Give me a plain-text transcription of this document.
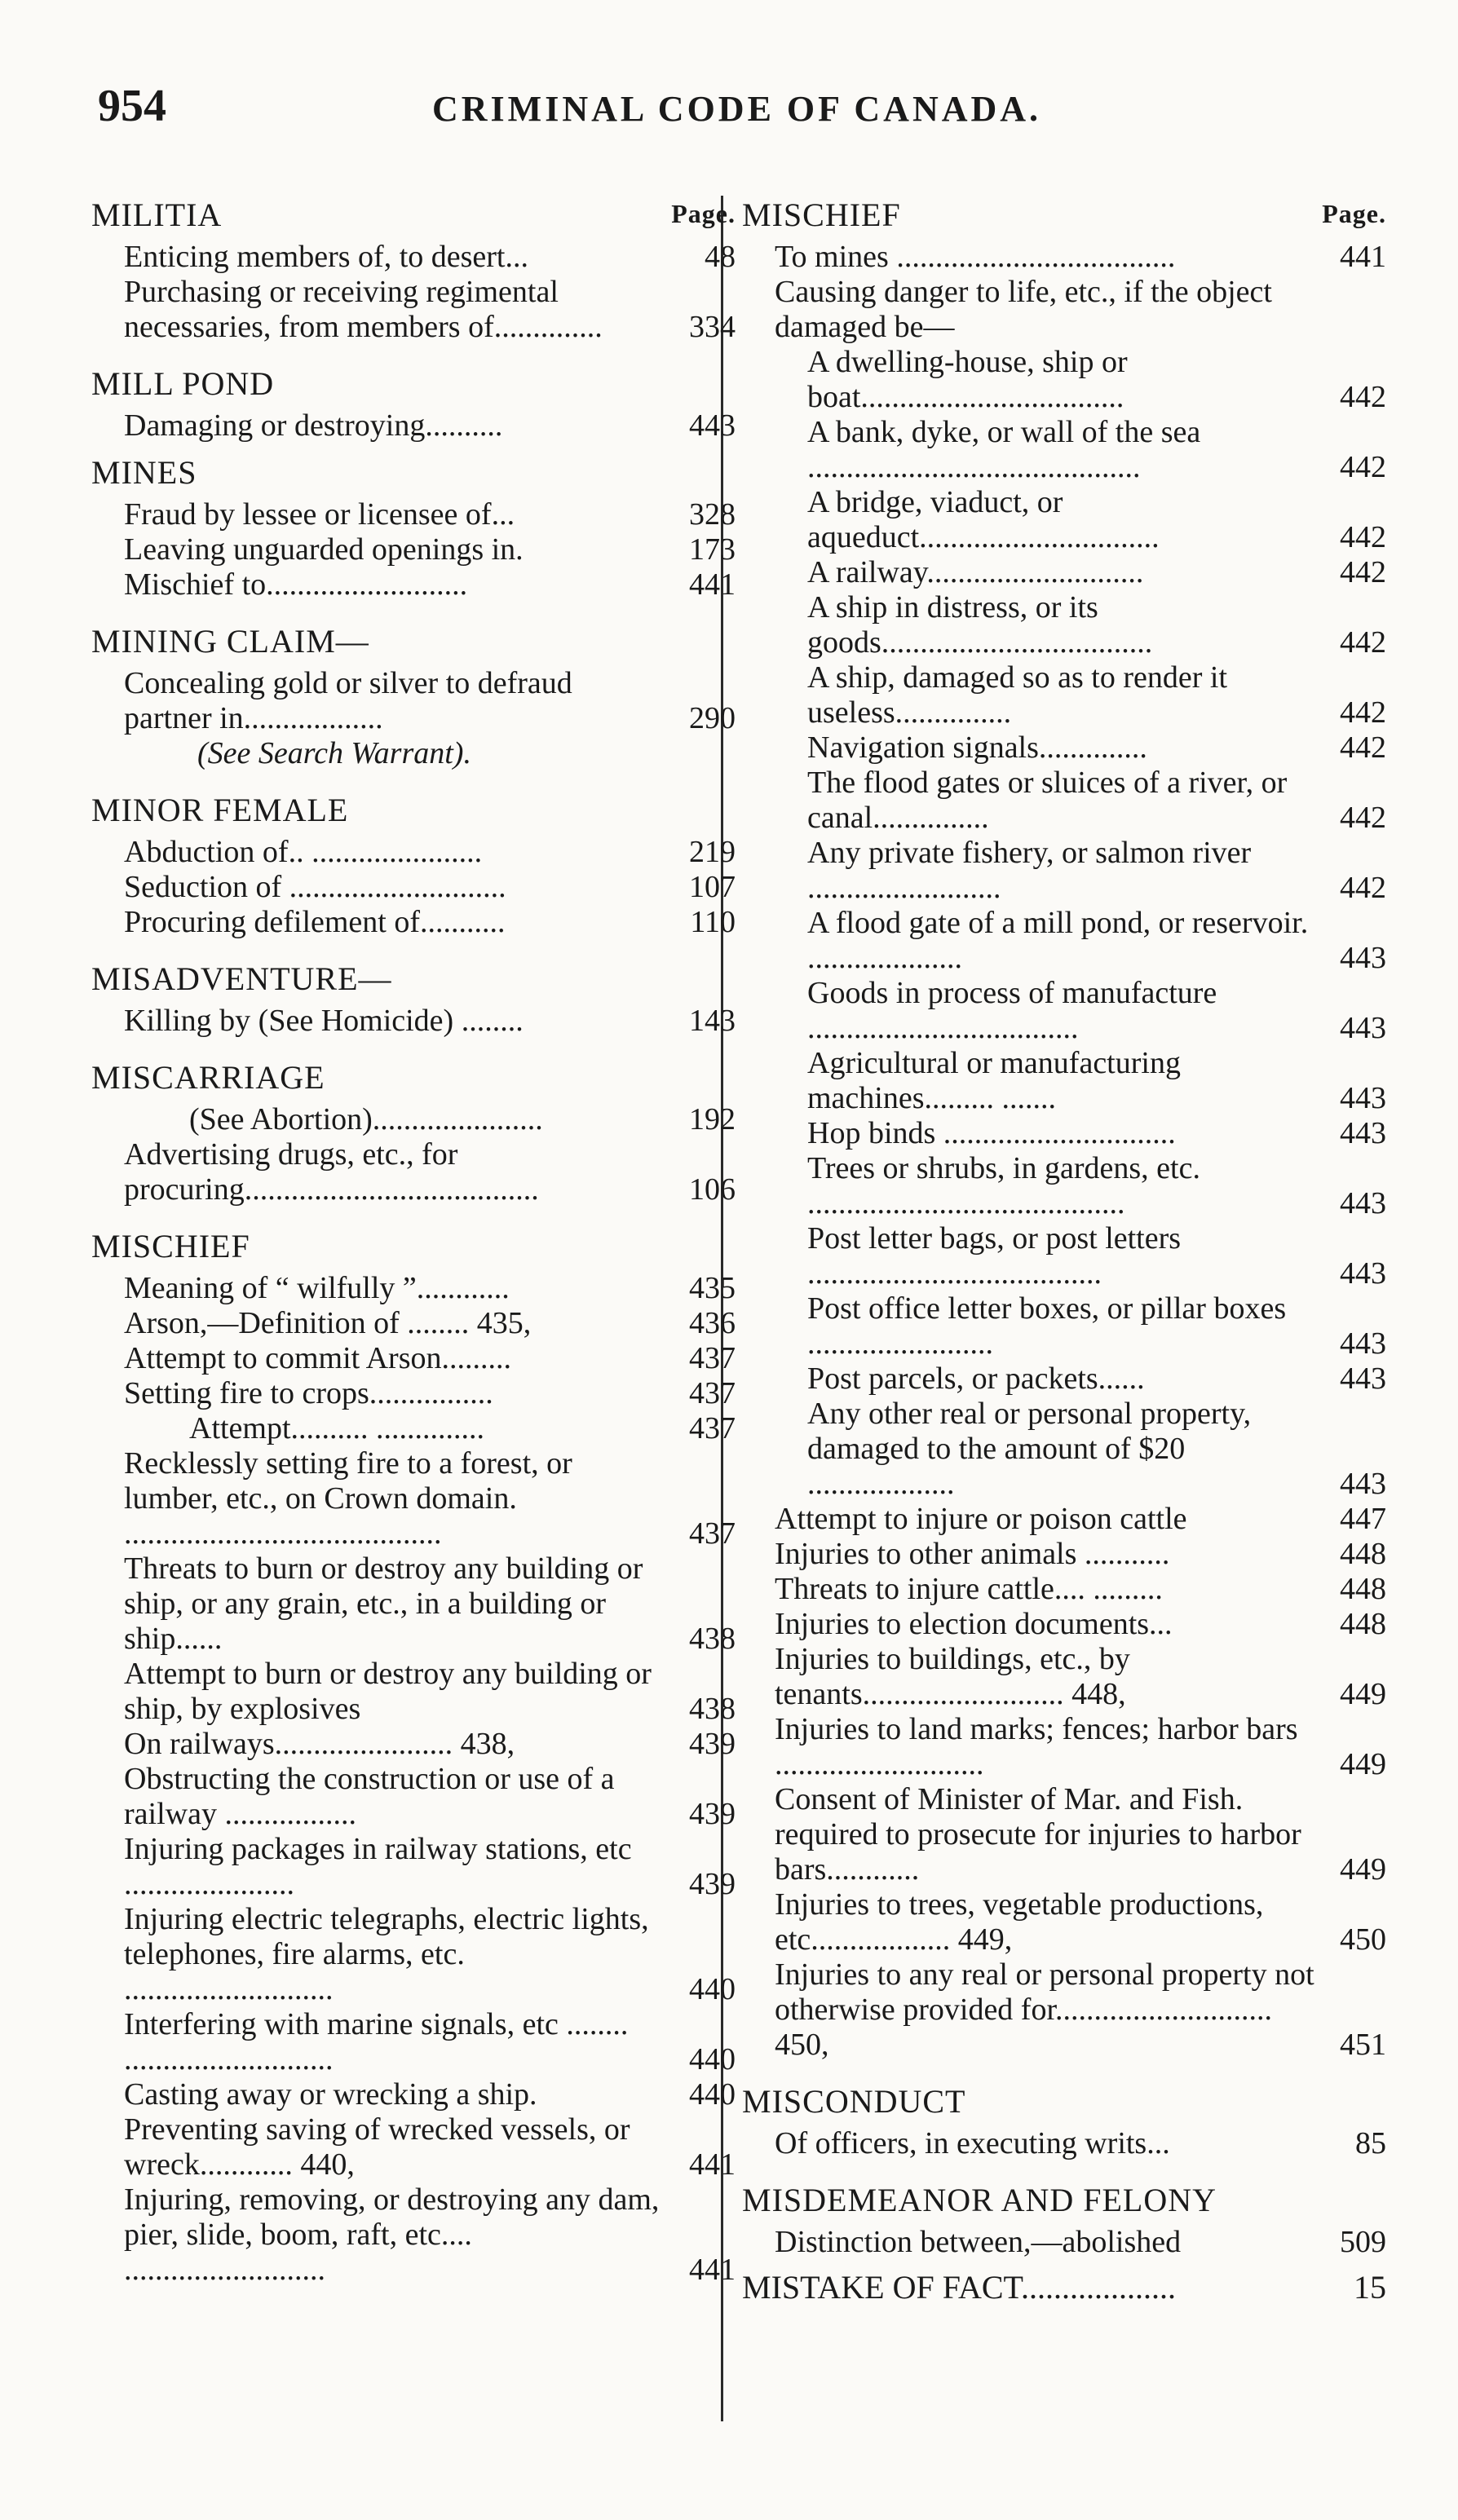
954	CRIMINAL CODE OF CANADA.
MILITIA	Page.
Enticing members of, to desert...	48
Purchasing or receiving regimental necessaries, from members of..............	334
MILL POND
Damaging or destroying..........	443
MINES
Fraud by lessee or licensee of...	328
Leaving unguarded openings in.	173
Mischief to..........................	441
MINING CLAIM—
Concealing gold or silver to defraud partner in..................	290
(See Search Warrant).
MINOR FEMALE
Abduction of.. ......................	219
Seduction of ............................	107
Procuring defilement of...........	110
MISADVENTURE—
Killing by (See Homicide) ........	143
MISCARRIAGE
(See Abortion)......................	192
Advertising drugs, etc., for procuring......................................	106
MISCHIEF
Meaning of “ wilfully ”............	435
Arson,—Definition of ........ 435,	436
Attempt to commit Arson.........	437
Setting fire to crops................	437
Attempt.......... ..............	437
Recklessly setting fire to a forest, or lumber, etc., on Crown domain. .........................................	437
Threats to burn or destroy any building or ship, or any grain, etc., in a building or ship......	438
Attempt to burn or destroy any building or ship, by explosives	438
On railways....................... 438,	439
Obstructing the construction or use of a railway .................	439
Injuring packages in railway stations, etc ......................	439
Injuring electric telegraphs, electric lights, telephones, fire alarms, etc. ...........................	440
Interfering with marine signals, etc ........ ...........................	440
Casting away or wrecking a ship.	440
Preventing saving of wrecked vessels, or wreck............ 440,	441
Injuring, removing, or destroying any dam, pier, slide, boom, raft, etc.... ..........................	441
MISCHIEF	Page.
To mines ....................................	441
Causing danger to life, etc., if the object damaged be—
A dwelling-house, ship or boat..................................	442
A bank, dyke, or wall of the sea ...........................................	442
A bridge, viaduct, or aqueduct...............................	442
A railway............................	442
A ship in distress, or its goods...................................	442
A ship, damaged so as to render it useless...............	442
Navigation signals..............	442
The flood gates or sluices of a river, or canal...............	442
Any private fishery, or salmon river .........................	442
A flood gate of a mill pond, or reservoir. ....................	443
Goods in process of manufacture ...................................	443
Agricultural or manufacturing machines......... .......	443
Hop binds ..............................	443
Trees or shrubs, in gardens, etc. .........................................	443
Post letter bags, or post letters ......................................	443
Post office letter boxes, or pillar boxes ........................	443
Post parcels, or packets......	443
Any other real or personal property, damaged to the amount of $20 ...................	443
Attempt to injure or poison cattle	447
Injuries to other animals ...........	448
Threats to injure cattle.... .........	448
Injuries to election documents...	448
Injuries to buildings, etc., by tenants.......................... 448,	449
Injuries to land marks; fences; harbor bars ...........................	449
Consent of Minister of Mar. and Fish. required to prosecute for injuries to harbor bars............	449
Injuries to trees, vegetable productions, etc.................. 449,	450
Injuries to any real or personal property not otherwise provided for............................ 450,	451
MISCONDUCT
Of officers, in executing writs...	85
MISDEMEANOR AND FELONY
Distinction between,—abolished	509
MISTAKE OF FACT...................	15
